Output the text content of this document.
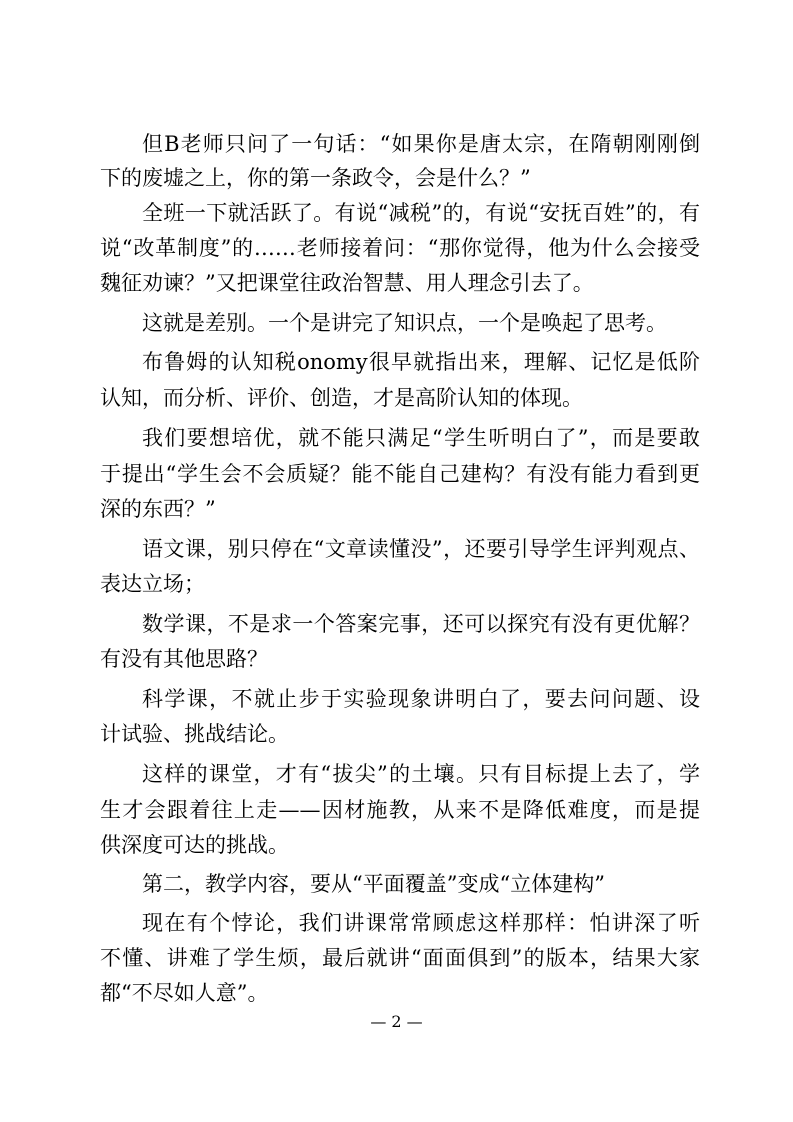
但B老师只问了一句话：“如果你是唐太宗，在隋朝刚刚倒
下的废墟之上，你的第一条政令，会是什么？”
全班一下就活跃了。有说“减税”的，有说“安抚百姓”的，有
说“改革制度”的……老师接着问：“那你觉得，他为什么会接受
魏征劝谏？”又把课堂往政治智慧、用人理念引去了。
这就是差别。一个是讲完了知识点，一个是唤起了思考。
布鲁姆的认知税onomy很早就指出来，理解、记忆是低阶
认知，而分析、评价、创造，才是高阶认知的体现。
我们要想培优，就不能只满足“学生听明白了”，而是要敢
于提出“学生会不会质疑？能不能自己建构？有没有能力看到更
深的东西？”
语文课，别只停在“文章读懂没”，还要引导学生评判观点、
表达立场；
数学课，不是求一个答案完事，还可以探究有没有更优解？
有没有其他思路？
科学课，不就止步于实验现象讲明白了，要去问问题、设
计试验、挑战结论。
这样的课堂，才有“拔尖”的土壤。只有目标提上去了，学
生才会跟着往上走——因材施教，从来不是降低难度，而是提
供深度可达的挑战。
第二，教学内容，要从“平面覆盖”变成“立体建构”
现在有个悖论，我们讲课常常顾虑这样那样：怕讲深了听
不懂、讲难了学生烦，最后就讲“面面俱到”的版本，结果大家
都“不尽如人意”。
— 2 —
